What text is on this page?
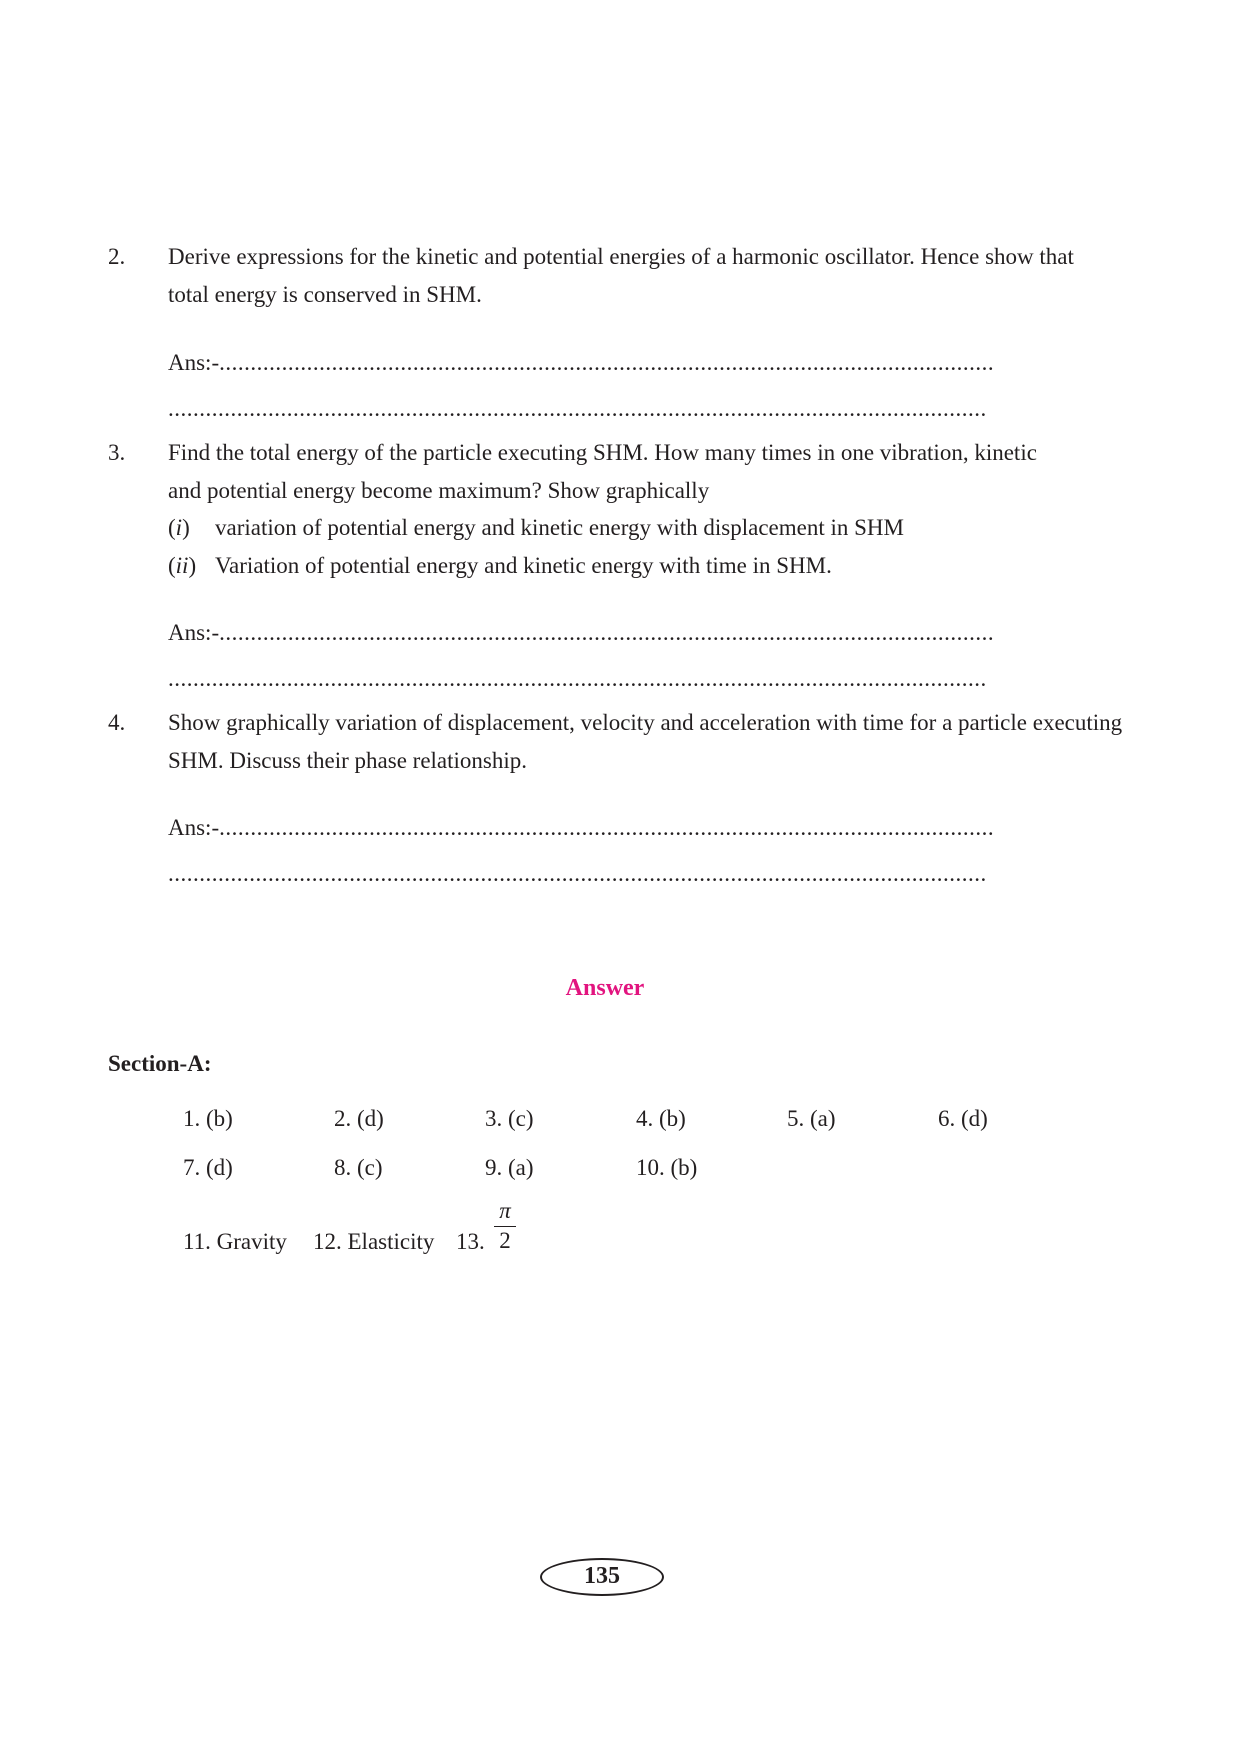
2. Derive expressions for the kinetic and potential energies of a harmonic oscillator. Hence show that
total energy is conserved in SHM.
Ans:-............................................................................................................................
...................................................................................................................................
3. Find the total energy of the particle executing SHM. How many times in one vibration, kinetic
and potential energy become maximum? Show graphically
(i) variation of potential energy and kinetic energy with displacement in SHM
(ii) Variation of potential energy and kinetic energy with time in SHM.
Ans:-............................................................................................................................
...................................................................................................................................
4. Show graphically variation of displacement, velocity and acceleration with time for a particle executing
SHM. Discuss their phase relationship.
Ans:-............................................................................................................................
...................................................................................................................................
Answer
Section-A:
1. (b)	2. (d)	3. (c)	4. (b)	5. (a)	6. (d)
7. (d)	8. (c)	9. (a)	10. (b)
11. Gravity 12. Elasticity 13.
π
2
135
